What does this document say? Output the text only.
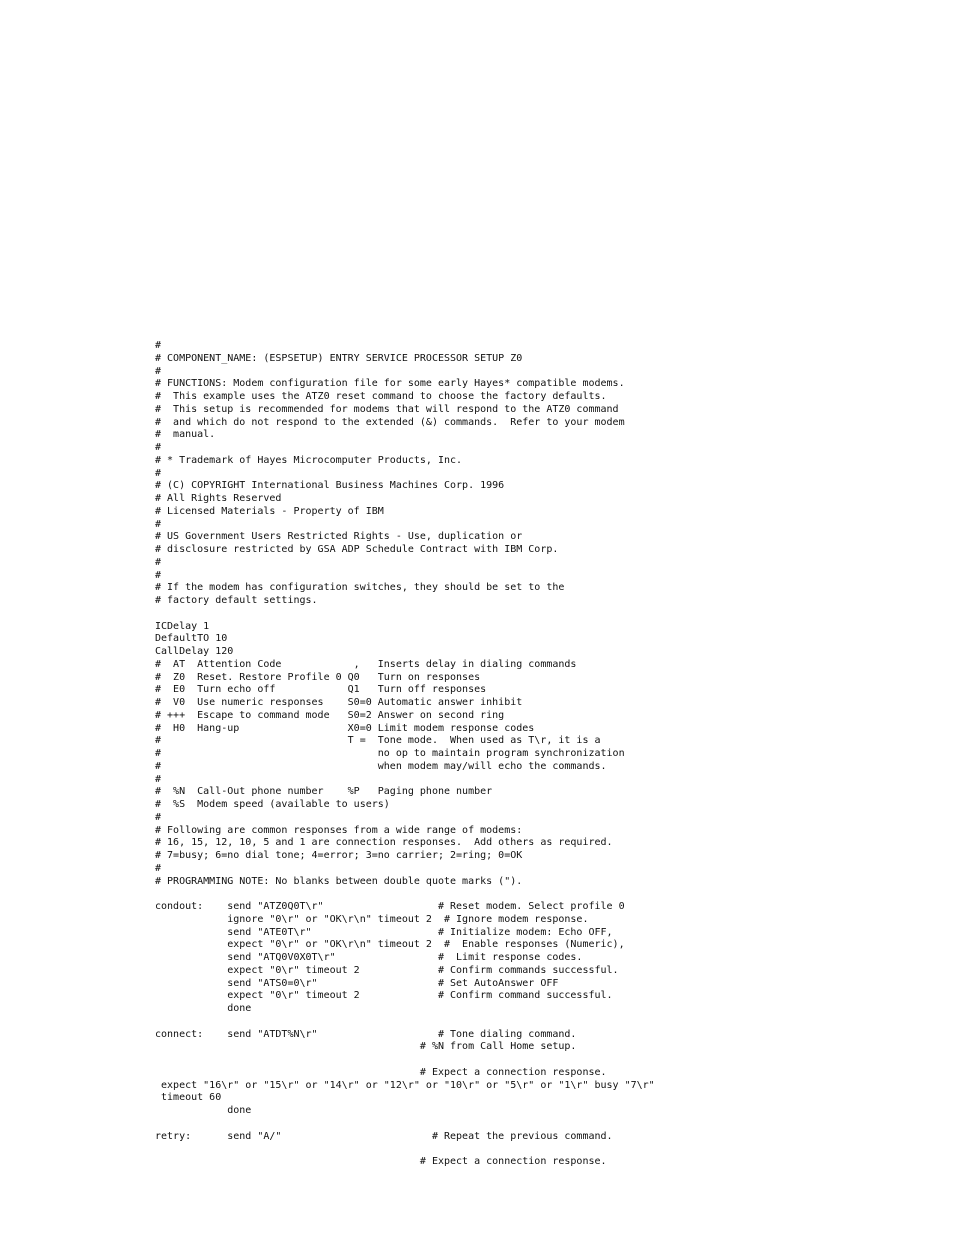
#
# COMPONENT_NAME: (ESPSETUP) ENTRY SERVICE PROCESSOR SETUP Z0
#
# FUNCTIONS: Modem configuration file for some early Hayes* compatible modems.
#  This example uses the ATZ0 reset command to choose the factory defaults.
#  This setup is recommended for modems that will respond to the ATZ0 command
#  and which do not respond to the extended (&) commands.  Refer to your modem
#  manual.
#
# * Trademark of Hayes Microcomputer Products, Inc.
#
# (C) COPYRIGHT International Business Machines Corp. 1996
# All Rights Reserved
# Licensed Materials - Property of IBM
#
# US Government Users Restricted Rights - Use, duplication or
# disclosure restricted by GSA ADP Schedule Contract with IBM Corp.
#
#
# If the modem has configuration switches, they should be set to the
# factory default settings.
ICDelay 1
DefaultTO 10
CallDelay 120
#  AT  Attention Code            ,   Inserts delay in dialing commands
#  Z0  Reset. Restore Profile 0 Q0   Turn on responses
#  E0  Turn echo off            Q1   Turn off responses
#  V0  Use numeric responses    S0=0 Automatic answer inhibit
# +++  Escape to command mode   S0=2 Answer on second ring
#  H0  Hang-up                  X0=0 Limit modem response codes
#                               T =  Tone mode.  When used as T\r, it is a
#                                    no op to maintain program synchronization
#                                    when modem may/will echo the commands.
#
#  %N  Call-Out phone number    %P   Paging phone number
#  %S  Modem speed (available to users)
#
# Following are common responses from a wide range of modems:
# 16, 15, 12, 10, 5 and 1 are connection responses.  Add others as required.
# 7=busy; 6=no dial tone; 4=error; 3=no carrier; 2=ring; 0=OK
#
# PROGRAMMING NOTE: No blanks between double quote marks (").
condout:    send "ATZ0Q0T\r"                   # Reset modem. Select profile 0
ignore "0\r" or "OK\r\n" timeout 2  # Ignore modem response.
send "ATE0T\r"                     # Initialize modem: Echo OFF,
expect "0\r" or "OK\r\n" timeout 2  #  Enable responses (Numeric),
send "ATQ0V0X0T\r"                 #  Limit response codes.
expect "0\r" timeout 2             # Confirm commands successful.
send "ATS0=0\r"                    # Set AutoAnswer OFF
expect "0\r" timeout 2             # Confirm command successful.
done
connect:    send "ATDT%N\r"                    # Tone dialing command.
# %N from Call Home setup.
# Expect a connection response.
expect "16\r" or "15\r" or "14\r" or "12\r" or "10\r" or "5\r" or "1\r" busy "7\r"
timeout 60
done
retry:      send "A/"                         # Repeat the previous command.
# Expect a connection response.
